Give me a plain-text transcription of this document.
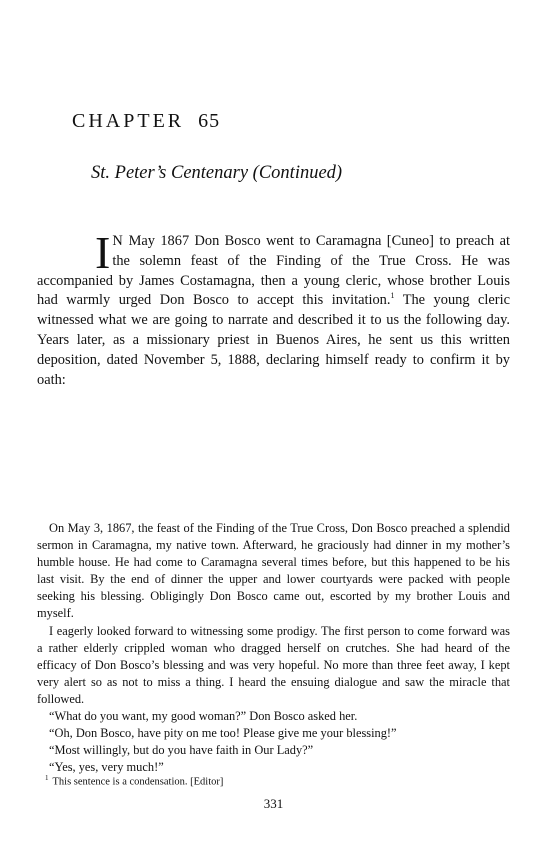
CHAPTER 65
St. Peter’s Centenary (Continued)

I N May 1867 Don Bosco went to Caramagna [Cuneo] to preach at the solemn feast of the Finding of the True Cross. He was accompanied by James Costamagna, then a young cleric, whose brother Louis had warmly urged Don Bosco to accept this invitation.$^1$ The young cleric witnessed what we are going to narrate and described it to us the following day. Years later, as a missionary priest in Buenos Aires, he sent us this written deposition, dated November 5, 1888, declaring himself ready to confirm it by oath:

On May 3, 1867, the feast of the Finding of the True Cross, Don Bosco preached a splendid sermon in Caramagna, my native town. Afterward, he graciously had dinner in my mother’s humble house. He had come to Caramagna several times before, but this happened to be his last visit. By the end of dinner the upper and lower courtyards were packed with people seeking his blessing. Obligingly Don Bosco came out, escorted by my brother Louis and myself.

I eagerly looked forward to witnessing some prodigy. The first person to come forward was a rather elderly crippled woman who dragged herself on crutches. She had heard of the efficacy of Don Bosco’s blessing and was very hopeful. No more than three feet away, I kept very alert so as not to miss a thing. I heard the ensuing dialogue and saw the miracle that followed.

“What do you want, my good woman?” Don Bosco asked her.

“Oh, Don Bosco, have pity on me too! Please give me your blessing!”

“Most willingly, but do you have faith in Our Lady?”

“Yes, yes, very much!”

$^1$ This sentence is a condensation. [Editor]

331
